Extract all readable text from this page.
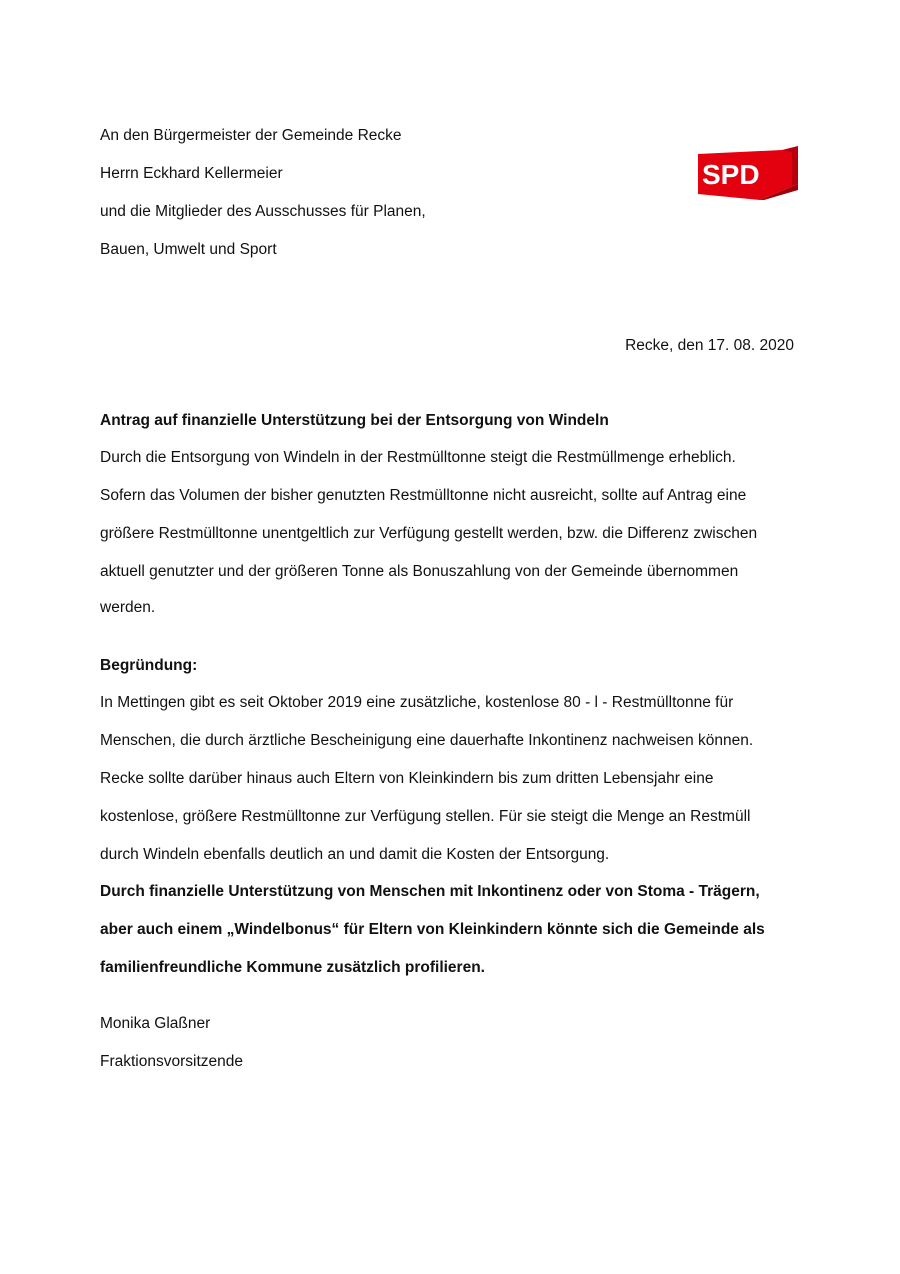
SPD
An den Bürgermeister der Gemeinde Recke
Herrn Eckhard Kellermeier
und die Mitglieder des Ausschusses für Planen,
Bauen, Umwelt und Sport
Recke, den 17. 08. 2020
Antrag auf finanzielle Unterstützung bei der Entsorgung von Windeln
Durch die Entsorgung von Windeln in der Restmülltonne steigt die Restmüllmenge erheblich.
Sofern das Volumen der bisher genutzten Restmülltonne nicht ausreicht, sollte auf Antrag eine
größere Restmülltonne unentgeltlich zur Verfügung gestellt werden, bzw. die Differenz zwischen
aktuell genutzter und der größeren Tonne als Bonuszahlung von der Gemeinde übernommen
werden.
Begründung:
In Mettingen gibt es seit Oktober 2019 eine zusätzliche, kostenlose 80 - l - Restmülltonne für
Menschen, die durch ärztliche Bescheinigung eine dauerhafte Inkontinenz nachweisen können.
Recke sollte darüber hinaus auch Eltern von Kleinkindern bis zum dritten Lebensjahr eine
kostenlose, größere Restmülltonne zur Verfügung stellen. Für sie steigt die Menge an Restmüll
durch Windeln ebenfalls deutlich an und damit die Kosten der Entsorgung.
Durch finanzielle Unterstützung von Menschen mit Inkontinenz oder von Stoma - Trägern,
aber auch einem „Windelbonus“ für Eltern von Kleinkindern könnte sich die Gemeinde als
familienfreundliche Kommune zusätzlich profilieren.
Monika Glaßner
Fraktionsvorsitzende
